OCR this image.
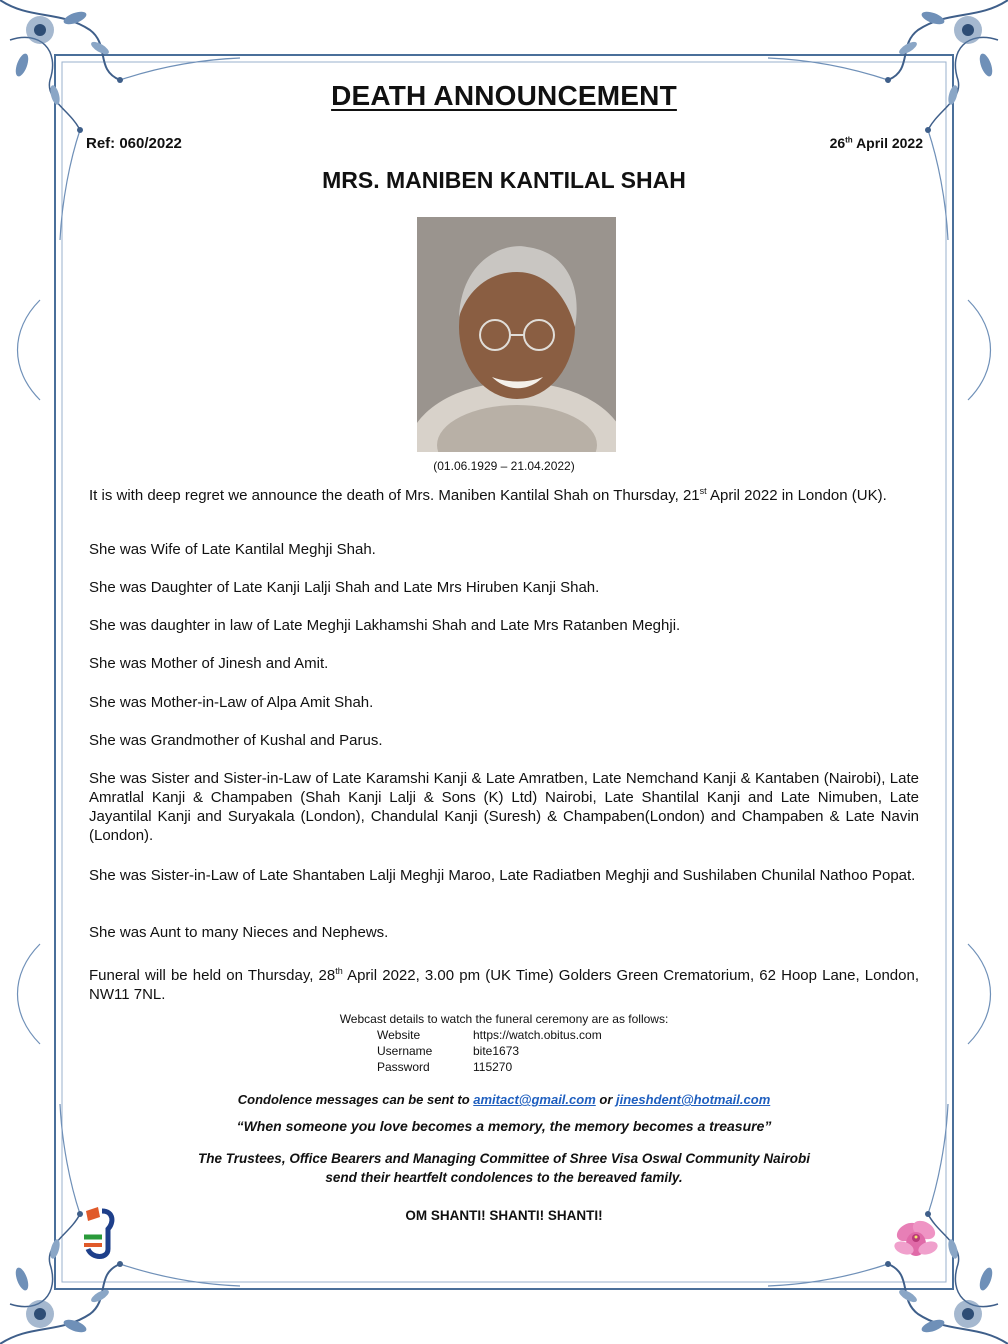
DEATH ANNOUNCEMENT
Ref: 060/2022	26th April 2022
MRS. MANIBEN KANTILAL SHAH
(01.06.1929 – 21.04.2022)
It is with deep regret we announce the death of Mrs. Maniben Kantilal Shah on Thursday, 21st April 2022 in London (UK).
She was Wife of Late Kantilal Meghji Shah.
She was Daughter of Late Kanji Lalji Shah and Late Mrs Hiruben Kanji Shah.
She was daughter in law of Late Meghji Lakhamshi Shah and Late Mrs Ratanben Meghji.
She was Mother of Jinesh and Amit.
She was Mother-in-Law of Alpa Amit Shah.
She was Grandmother of Kushal and Parus.
She was Sister and Sister-in-Law of Late Karamshi Kanji & Late Amratben, Late Nemchand Kanji & Kantaben (Nairobi), Late Amratlal Kanji & Champaben (Shah Kanji Lalji & Sons (K) Ltd) Nairobi, Late Shantilal Kanji and Late Nimuben, Late Jayantilal Kanji and Suryakala (London), Chandulal Kanji (Suresh) & Champaben(London) and Champaben & Late Navin (London).
She was Sister-in-Law of Late Shantaben Lalji Meghji Maroo, Late Radiatben Meghji and Sushilaben Chunilal Nathoo Popat.
She was Aunt to many Nieces and Nephews.
Funeral will be held on Thursday, 28th April 2022, 3.00 pm (UK Time) Golders Green Crematorium, 62 Hoop Lane, London, NW11 7NL.
Webcast details to watch the funeral ceremony are as follows:
Website	https://watch.obitus.com
Username	bite1673
Password	115270
Condolence messages can be sent to amitact@gmail.com or jineshdent@hotmail.com
“When someone you love becomes a memory, the memory becomes a treasure”
The Trustees, Office Bearers and Managing Committee of Shree Visa Oswal Community Nairobi
send their heartfelt condolences to the bereaved family.
OM SHANTI! SHANTI! SHANTI!
